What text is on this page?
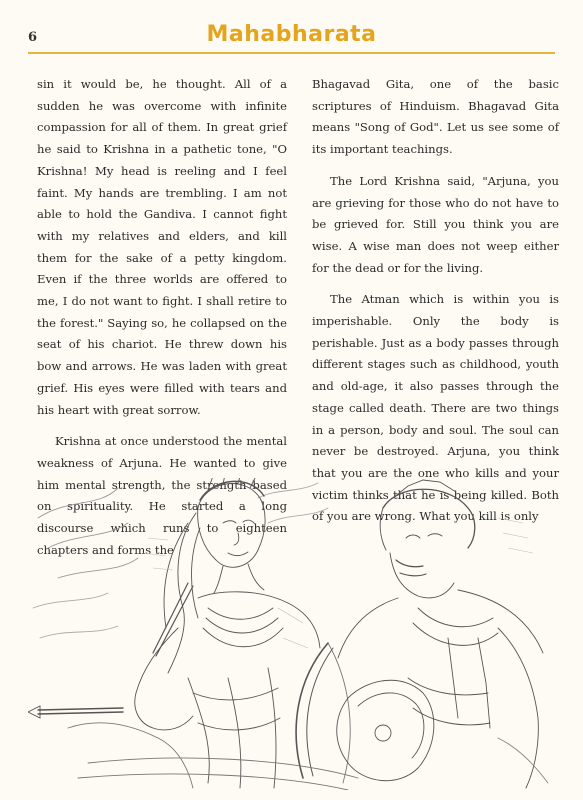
6	Mahabharata

sin it would be, he thought. All of a sudden he was overcome with infinite compassion for all of them. In great grief he said to Krishna in a pathetic tone, "O Krishna! My head is reeling and I feel faint. My hands are trembling. I am not able to hold the Gandiva. I cannot fight with my relatives and elders, and kill them for the sake of a petty kingdom. Even if the three worlds are offered to me, I do not want to fight. I shall retire to the forest." Saying so, he collapsed on the seat of his chariot. He threw down his bow and arrows. He was laden with great grief. His eyes were filled with tears and his heart with great sorrow.

Krishna at once understood the mental weakness of Arjuna. He wanted to give him mental strength, the strength based on spirituality. He started a long discourse which runs to eighteen chapters and forms the

Bhagavad Gita, one of the basic scriptures of Hinduism. Bhagavad Gita means "Song of God". Let us see some of its important teachings.

The Lord Krishna said, "Arjuna, you are grieving for those who do not have to be grieved for. Still you think you are wise. A wise man does not weep either for the dead or for the living.

The Atman which is within you is imperishable. Only the body is perishable. Just as a body passes through different stages such as childhood, youth and old-age, it also passes through the stage called death. There are two things in a person, body and soul. The soul can never be destroyed. Arjuna, you think that you are the one who kills and your victim thinks that he is being killed. Both of you are wrong. What you kill is only
